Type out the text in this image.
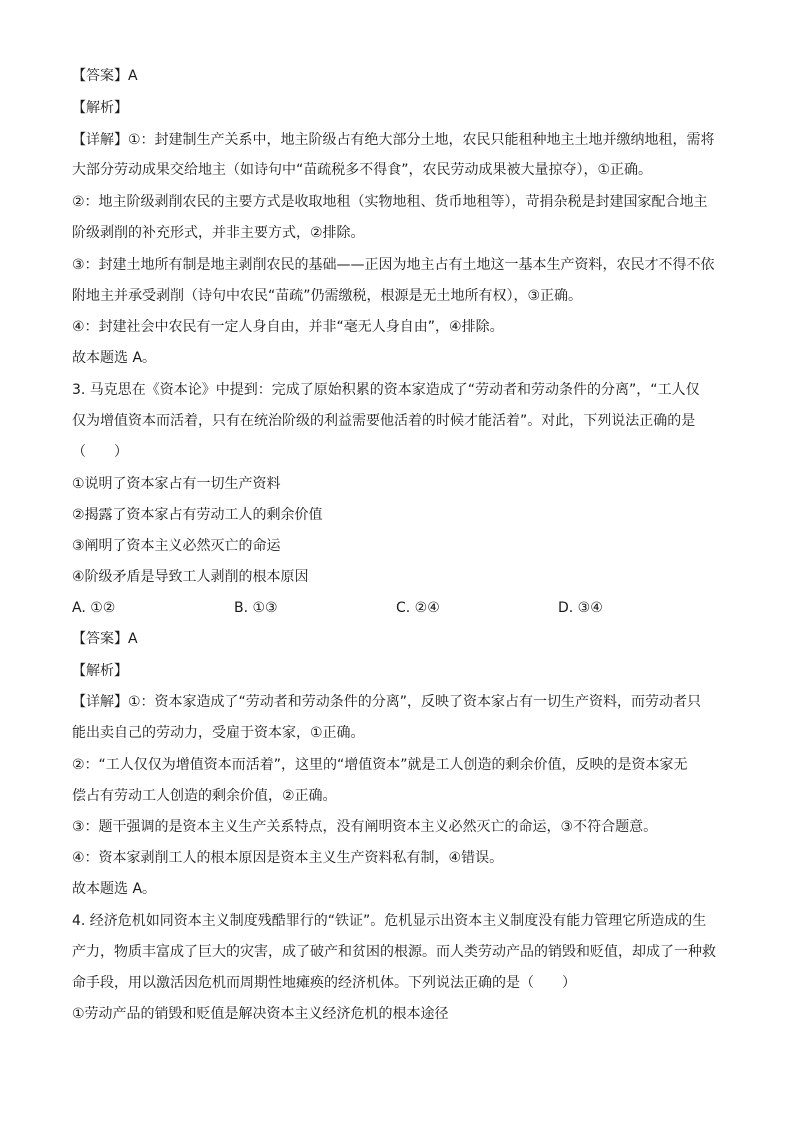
【答案】A
【解析】
【详解】①：封建制生产关系中，地主阶级占有绝大部分土地，农民只能租种地主土地并缴纳地租，需将
大部分劳动成果交给地主（如诗句中“苗疏税多不得食”，农民劳动成果被大量掠夺），①正确。
②：地主阶级剥削农民的主要方式是收取地租（实物地租、货币地租等），苛捐杂税是封建国家配合地主
阶级剥削的补充形式，并非主要方式，②排除。
③：封建土地所有制是地主剥削农民的基础——正因为地主占有土地这一基本生产资料，农民才不得不依
附地主并承受剥削（诗句中农民“苗疏”仍需缴税，根源是无土地所有权），③正确。
④：封建社会中农民有一定人身自由，并非“毫无人身自由”，④排除。
故本题选 A。
3. 马克思在《资本论》中提到：完成了原始积累的资本家造成了“劳动者和劳动条件的分离”，“工人仅
仅为增值资本而活着，只有在统治阶级的利益需要他活着的时候才能活着”。对此，下列说法正确的是
（　　）
①说明了资本家占有一切生产资料
②揭露了资本家占有劳动工人的剩余价值
③阐明了资本主义必然灭亡的命运
④阶级矛盾是导致工人剥削的根本原因
A. ①②	B. ①③	C. ②④	D. ③④
【答案】A
【解析】
【详解】①：资本家造成了“劳动者和劳动条件的分离”，反映了资本家占有一切生产资料，而劳动者只
能出卖自己的劳动力，受雇于资本家，①正确。
②：“工人仅仅为增值资本而活着”，这里的“增值资本”就是工人创造的剩余价值，反映的是资本家无
偿占有劳动工人创造的剩余价值，②正确。
③：题干强调的是资本主义生产关系特点，没有阐明资本主义必然灭亡的命运，③不符合题意。
④：资本家剥削工人的根本原因是资本主义生产资料私有制，④错误。
故本题选 A。
4. 经济危机如同资本主义制度残酷罪行的“铁证”。危机显示出资本主义制度没有能力管理它所造成的生
产力，物质丰富成了巨大的灾害，成了破产和贫困的根源。而人类劳动产品的销毁和贬值，却成了一种救
命手段，用以激活因危机而周期性地瘫痪的经济机体。下列说法正确的是（　　）
①劳动产品的销毁和贬值是解决资本主义经济危机的根本途径
